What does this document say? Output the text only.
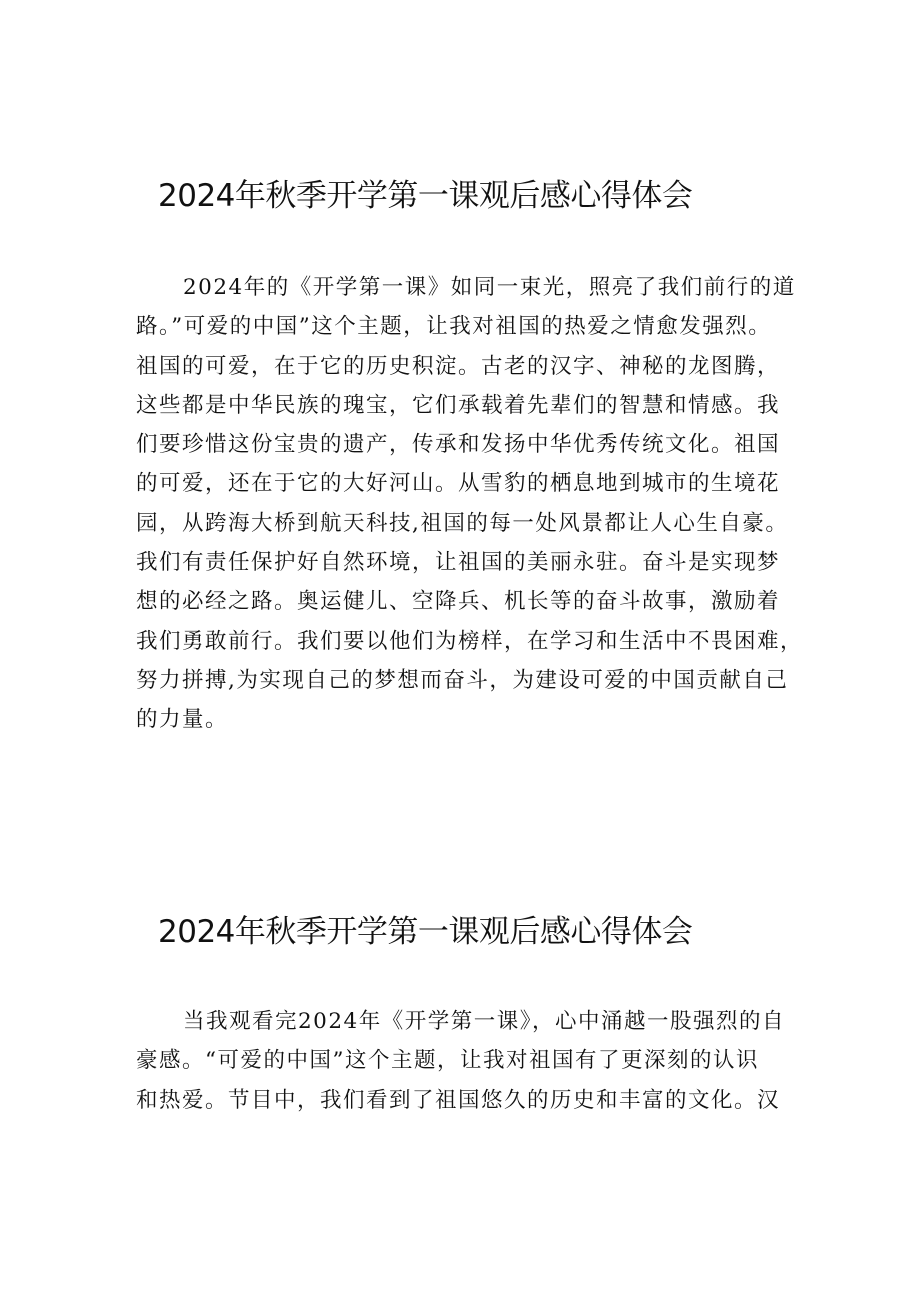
2024年秋季开学第一课观后感心得体会
2024年的《开学第一课》如同一束光，照亮了我们前行的道
路。”可爱的中国”这个主题，让我对祖国的热爱之情愈发强烈。
祖国的可爱，在于它的历史积淀。古老的汉字、神秘的龙图腾，
这些都是中华民族的瑰宝，它们承载着先辈们的智慧和情感。我
们要珍惜这份宝贵的遗产，传承和发扬中华优秀传统文化。祖国
的可爱，还在于它的大好河山。从雪豹的栖息地到城市的生境花
园，从跨海大桥到航天科技,祖国的每一处风景都让人心生自豪。
我们有责任保护好自然环境，让祖国的美丽永驻。奋斗是实现梦
想的必经之路。奥运健儿、空降兵、机长等的奋斗故事，激励着
我们勇敢前行。我们要以他们为榜样，在学习和生活中不畏困难，
努力拼搏,为实现自己的梦想而奋斗，为建设可爱的中国贡献自己
的力量。
2024年秋季开学第一课观后感心得体会
当我观看完2024年《开学第一课》，心中涌越一股强烈的自
豪感。“可爱的中国”这个主题，让我对祖国有了更深刻的认识
和热爱。节目中，我们看到了祖国悠久的历史和丰富的文化。汉
